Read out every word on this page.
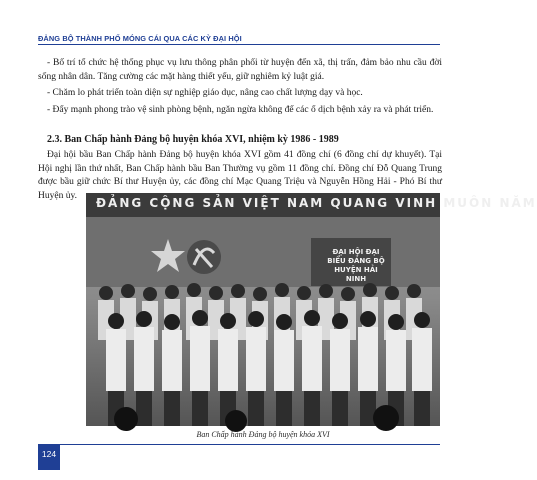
ĐẢNG BỘ THÀNH PHỐ MÓNG CÁI QUA CÁC KỲ ĐẠI HỘI
- Bố trí tổ chức hệ thống phục vụ lưu thông phân phối từ huyện đến xã, thị trấn, đảm bảo nhu cầu đời sống nhân dân. Tăng cường các mặt hàng thiết yếu, giữ nghiêm kỷ luật giá.
- Chăm lo phát triển toàn diện sự nghiệp giáo dục, nâng cao chất lượng dạy và học.
- Đẩy mạnh phong trào vệ sinh phòng bệnh, ngăn ngừa không để các ổ dịch bệnh xảy ra và phát triển.
2.3. Ban Chấp hành Đảng bộ huyện khóa XVI, nhiệm kỳ 1986 - 1989
Đại hội bầu Ban Chấp hành Đảng bộ huyện khóa XVI gồm 41 đồng chí (6 đồng chí dự khuyết). Tại Hội nghị lần thứ nhất, Ban Chấp hành bầu Ban Thường vụ gồm 11 đồng chí. Đồng chí Đỗ Quang Trung được bầu giữ chức Bí thư Huyện ủy, các đồng chí Mạc Quang Triệu và Nguyễn Hồng Hải - Phó Bí thư Huyện ủy.
ĐẢNG CỘNG SẢN VIỆT NAM QUANG VINH MUÔN NĂM
ĐẠI HỘI ĐẠI BIỂU ĐẢNG BỘ HUYỆN HẢI NINH
Ban Chấp hành Đảng bộ huyện khóa XVI
124
